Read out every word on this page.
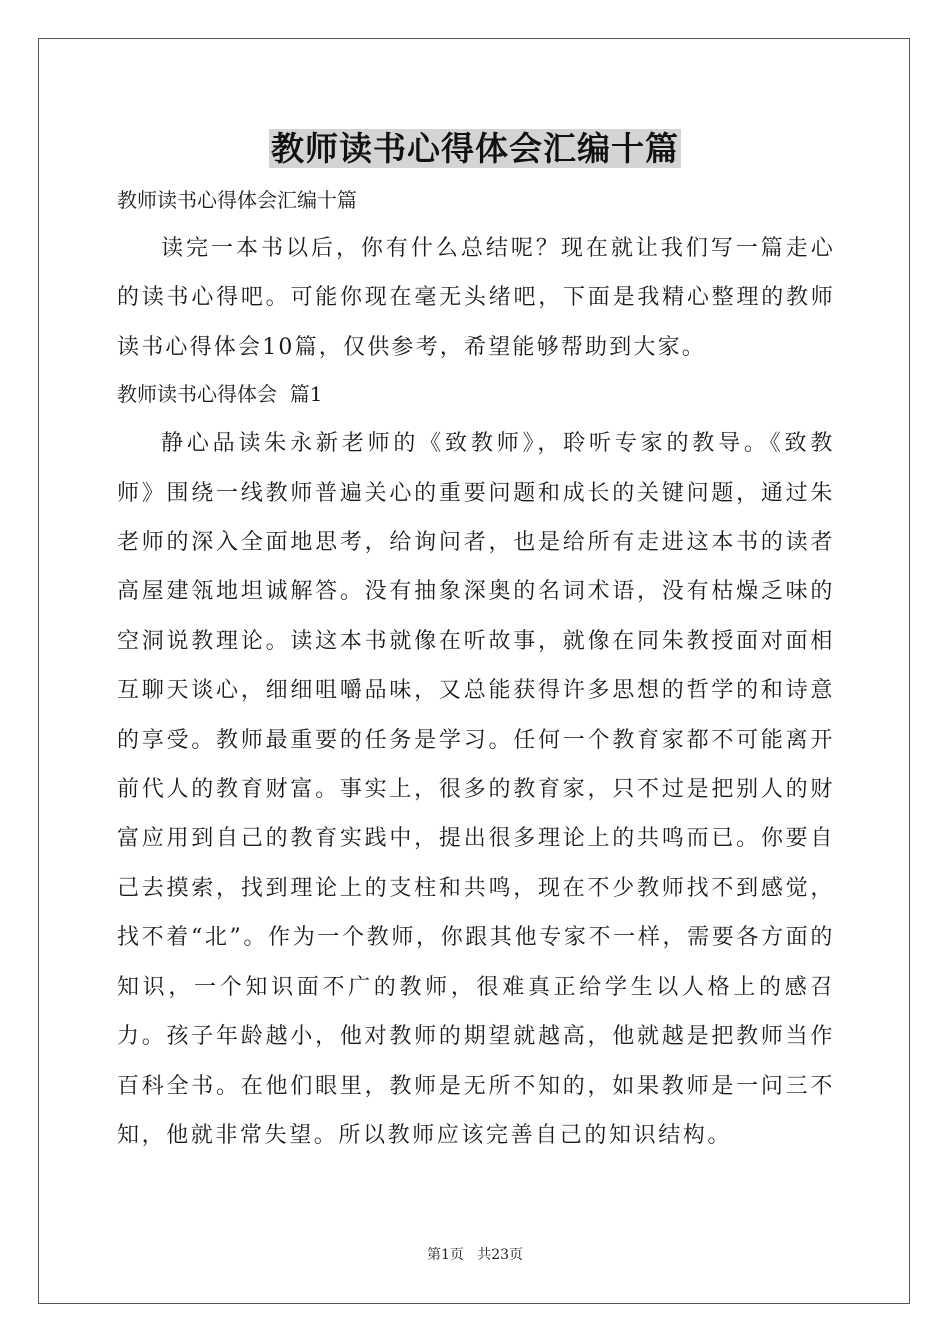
教师读书心得体会汇编十篇

教师读书心得体会汇编十篇

读完一本书以后，你有什么总结呢？现在就让我们写一篇走心的读书心得吧。可能你现在毫无头绪吧，下面是我精心整理的教师读书心得体会10篇，仅供参考，希望能够帮助到大家。

教师读书心得体会  篇1

静心品读朱永新老师的《致教师》，聆听专家的教导。《致教师》围绕一线教师普遍关心的重要问题和成长的关键问题，通过朱老师的深入全面地思考，给询问者，也是给所有走进这本书的读者高屋建瓴地坦诚解答。没有抽象深奥的名词术语，没有枯燥乏味的空洞说教理论。读这本书就像在听故事，就像在同朱教授面对面相互聊天谈心，细细咀嚼品味，又总能获得许多思想的哲学的和诗意的享受。教师最重要的任务是学习。任何一个教育家都不可能离开前代人的教育财富。事实上，很多的教育家，只不过是把别人的财富应用到自己的教育实践中，提出很多理论上的共鸣而已。你要自己去摸索，找到理论上的支柱和共鸣，现在不少教师找不到感觉，找不着“北”。作为一个教师，你跟其他专家不一样，需要各方面的知识，一个知识面不广的教师，很难真正给学生以人格上的感召力。孩子年龄越小，他对教师的期望就越高，他就越是把教师当作百科全书。在他们眼里，教师是无所不知的，如果教师是一问三不知，他就非常失望。所以教师应该完善自己的知识结构。

第1页   共23页
